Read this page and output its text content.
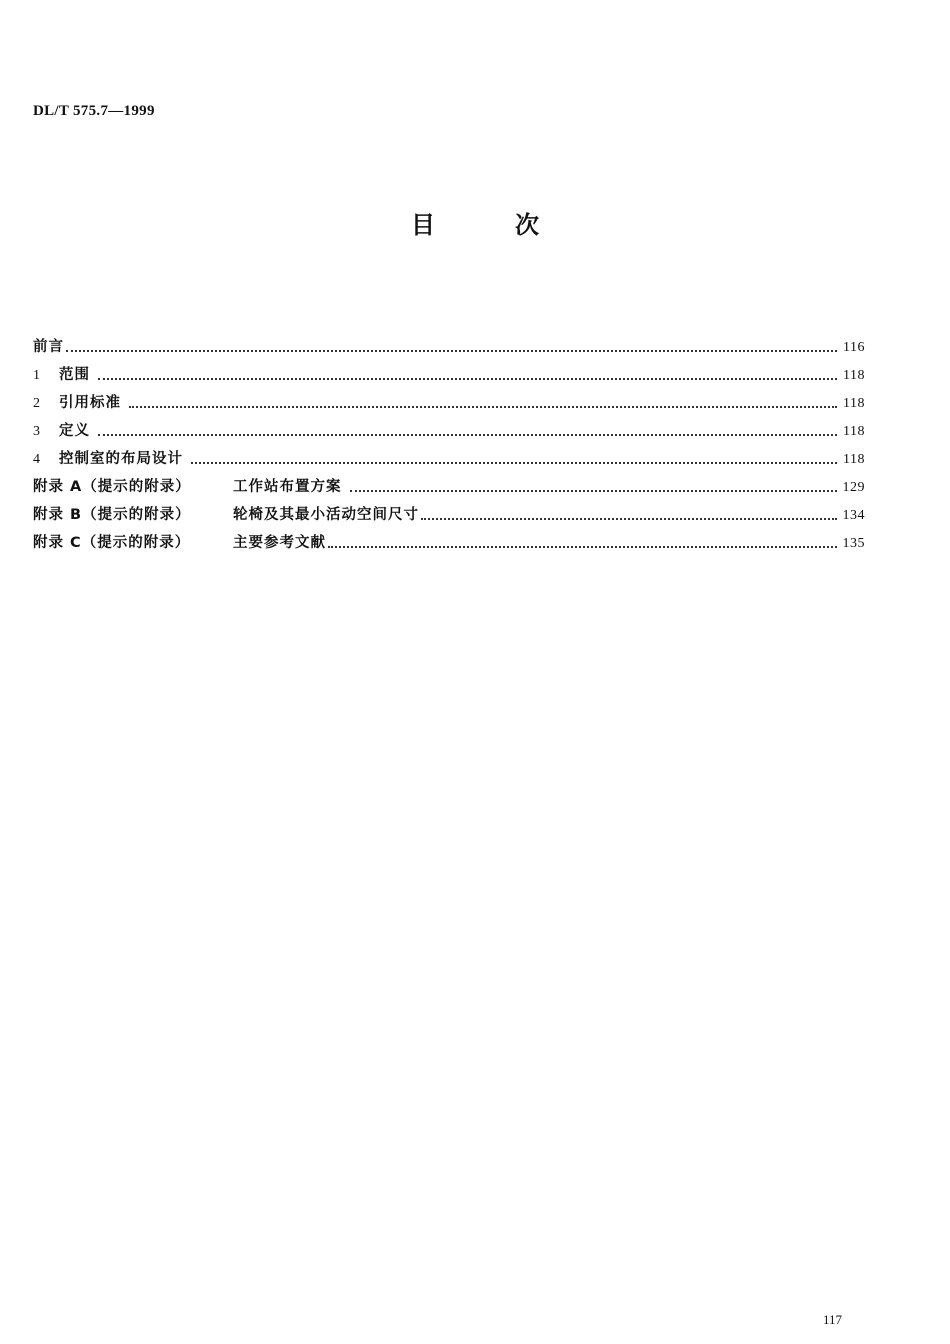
DL/T 575.7—1999
目	次
前言	116
1	范围	118
2	引用标准	118
3	定义	118
4	控制室的布局设计	118
附录 A（提示的附录）	工作站布置方案	129
附录 B（提示的附录）	轮椅及其最小活动空间尺寸	134
附录 C（提示的附录）	主要参考文献	135
117
